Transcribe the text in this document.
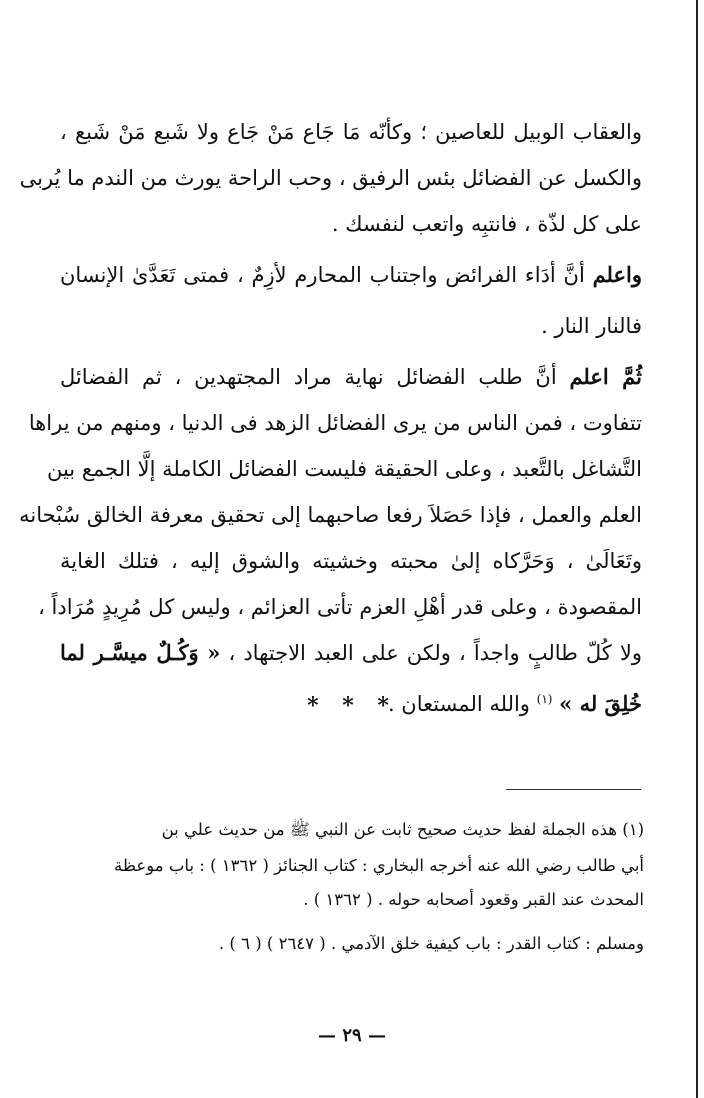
والعقاب الوبيل للعاصين ؛ وكأنّه مَا جَاع مَنْ جَاع ولا شَبع مَنْ شَبع ،
والكسل عن الفضائل بئس الرفيق ، وحب الراحة يورث من الندم ما يُربى
على كل لذّة ، فانتبِه واتعب لنفسك .
واعلم أنَّ أدَاء الفرائض واجتناب المحارم لأزِمٌ ، فمتى تَعَدَّىٰ الإنسان
فالنار النار .
ثُمَّ اعلم أنَّ طلب الفضائل نهاية مراد المجتهدين ، ثم الفضائل
تتفاوت ، فمن الناس من يرى الفضائل الزهد فى الدنيا ، ومنهم من يراها
التَّشاغل بالتَّعبد ، وعلى الحقيقة فليست الفضائل الكاملة إلَّا الجمع بين
العلم والعمل ، فإذا حَصَلاَ رفعا صاحبهما إلى تحقيق معرفة الخالق سُبْحانه
وتَعَالَىٰ ، وَحَرَّكاه إلىٰ محبته وخشيته والشوق إليه ، فتلك الغاية
المقصودة ، وعلى قدر أهْلِ العزم تأتى العزائم ، وليس كل مُرِيدٍ مُرَاداً ،
ولا كُلّ طالبٍ واجداً ، ولكن على العبد الاجتهاد ، « وَكُـلٌ ميسَّـر لما
خُلِقَ له » $^{(١)}$ والله المستعان .
* * *
(١) هذه الجملة لفظ حديث صحيح ثابت عن النبي ﷺ من حديث علي بن
أبي طالب رضي الله عنه أخرجه البخاري : كتاب الجنائز ( ١٣٦٢ ) : باب موعظة
المحدث عند القبر وقعود أصحابه حوله . ( ١٣٦٢ ) .
ومسلم : كتاب القدر : باب كيفية خلق الآدمي . ( ٢٦٤٧ ) ( ٦ ) .
— ٢٩ —
